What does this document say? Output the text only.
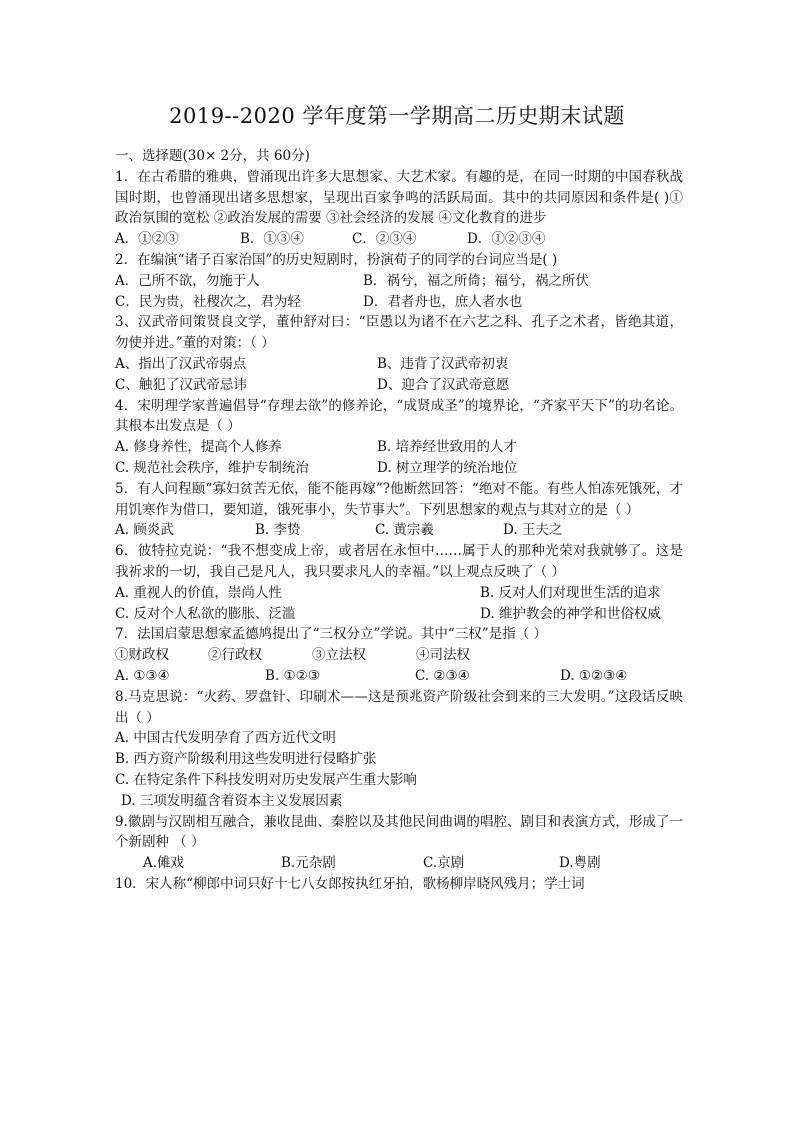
2019--2020 学年度第一学期高二历史期末试题
一、选择题(30× 2分，共 60分)
1．在古希腊的雅典，曾涌现出许多大思想家、大艺术家。有趣的是，在同一时期的中国春秋战国时期，也曾涌现出诸多思想家，呈现出百家争鸣的活跃局面。其中的共同原因和条件是( )①政治氛围的宽松 ②政治发展的需要 ③社会经济的发展 ④文化教育的进步
A．①②③	B．①③④	C．②③④	D．①②③④
2．在编演“诸子百家治国”的历史短剧时，扮演荀子的同学的台词应当是( )
A．己所不欲，勿施于人	B．祸兮，福之所倚；福兮，祸之所伏
C．民为贵，社稷次之，君为轻	D．君者舟也，庶人者水也
3、汉武帝问策贤良文学，董仲舒对曰：“臣愚以为诸不在六艺之科、孔子之术者，皆绝其道，勿使并进。”董的对策：（ ）
A、指出了汉武帝弱点	B、违背了汉武帝初衷
C、触犯了汉武帝忌讳	D、迎合了汉武帝意愿
4．宋明理学家普遍倡导“存理去欲”的修养论，“成贤成圣”的境界论，“齐家平天下”的功名论。其根本出发点是（ ）
A. 修身养性，提高个人修养	B. 培养经世致用的人才
C. 规范社会秩序，维护专制统治	D. 树立理学的统治地位
5．有人问程颐“寡妇贫苦无依，能不能再嫁”?他断然回答：“绝对不能。有些人怕冻死饿死，才用饥寒作为借口，要知道，饿死事小，失节事大”。下列思想家的观点与其对立的是（ ）
A. 顾炎武	B. 李贽	C. 黄宗羲	D. 王夫之
6．彼特拉克说：“我不想变成上帝，或者居在永恒中……属于人的那种光荣对我就够了。这是我祈求的一切，我自己是凡人，我只要求凡人的幸福。”以上观点反映了（ ）
A. 重视人的价值，崇尚人性	B. 反对人们对现世生活的追求
C. 反对个人私欲的膨胀、泛滥	D. 维护教会的神学和世俗权威
7．法国启蒙思想家孟德鸠提出了“三权分立”学说。其中“三权”是指（ ）
①财政权	②行政权	③立法权	④司法权
A. ①③④	B. ①②③	C. ②③④	D. ①②③④
8.马克思说：“火药、罗盘针、印刷术——这是预兆资产阶级社会到来的三大发明。”这段话反映出（ ）
A. 中国古代发明孕育了西方近代文明
B. 西方资产阶级利用这些发明进行侵略扩张
C. 在特定条件下科技发明对历史发展产生重大影响
D. 三项发明蕴含着资本主义发展因素
9.徽剧与汉剧相互融合，兼收昆曲、秦腔以及其他民间曲调的唱腔、剧目和表演方式，形成了一个新剧种 （ ）
A.傩戏	B.元杂剧	C.京剧	D.粤剧
10．宋人称“柳郎中词只好十七八女郎按执红牙拍，歌杨柳岸晓风残月；学士词
